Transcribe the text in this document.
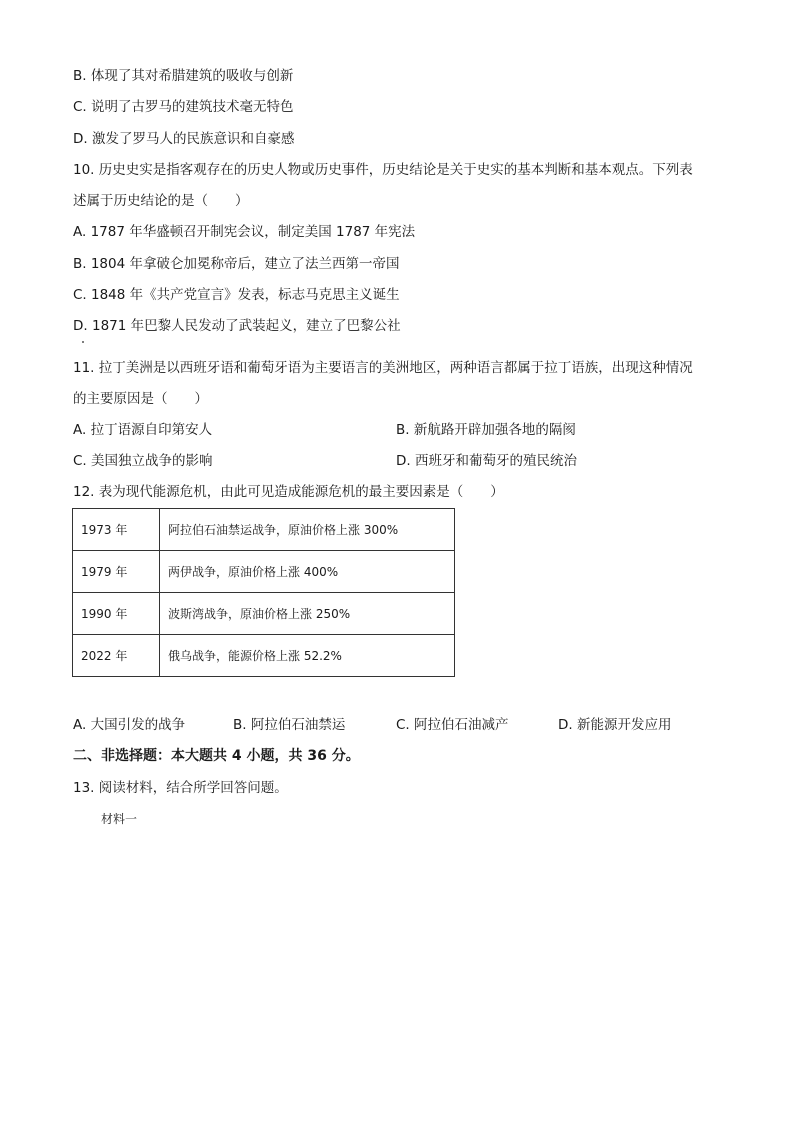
B. 体现了其对希腊建筑的吸收与创新
C. 说明了古罗马的建筑技术毫无特色
D. 激发了罗马人的民族意识和自豪感
10. 历史史实是指客观存在的历史人物或历史事件，历史结论是关于史实的基本判断和基本观点。下列表
述属于历史结论的是（　　）
A. 1787 年华盛顿召开制宪会议，制定美国 1787 年宪法
B. 1804 年拿破仑加冕称帝后，建立了法兰西第一帝国
C. 1848 年《共产党宣言》发表，标志马克思主义诞生
D. 1871 年巴黎人民发动了武装起义，建立了巴黎公社
11. 拉丁美洲是以西班牙语和葡萄牙语为主要语言的美洲地区，两种语言都属于拉丁语族，出现这种情况
的主要原因是（　　）
A. 拉丁语源自印第安人	B. 新航路开辟加强各地的隔阂
C. 美国独立战争的影响	D. 西班牙和葡萄牙的殖民统治
12. 表为现代能源危机，由此可见造成能源危机的最主要因素是（　　）
1973 年	阿拉伯石油禁运战争，原油价格上涨 300%
1979 年	两伊战争，原油价格上涨 400%
1990 年	波斯湾战争，原油价格上涨 250%
2022 年	俄乌战争，能源价格上涨 52.2%
A. 大国引发的战争	B. 阿拉伯石油禁运	C. 阿拉伯石油减产	D. 新能源开发应用
二、非选择题：本大题共 4 小题，共 36 分。
13. 阅读材料，结合所学回答问题。
材料一
